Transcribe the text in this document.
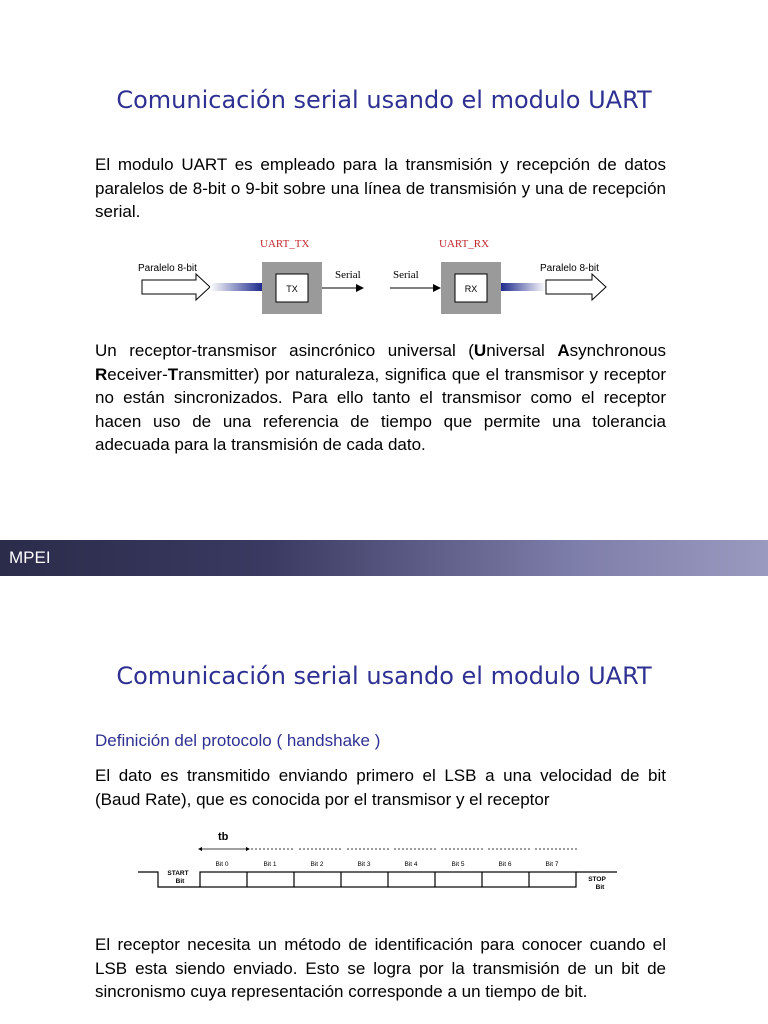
Comunicación serial usando el modulo UART
El modulo UART es empleado para la transmisión y recepción de datos paralelos de 8-bit o 9-bit sobre una línea de transmisión y una de recepción serial.
UART_TX	UART_RX
Paralelo 8-bit	Paralelo 8-bit
TX
Serial	Serial
RX
Un receptor-transmisor asincrónico universal (Universal Asynchronous Receiver-Transmitter) por naturaleza, significa que el transmisor y receptor no están sincronizados. Para ello tanto el transmisor como el receptor hacen uso de una referencia de tiempo que permite una tolerancia adecuada para la transmisión de cada dato.
MPEI
Comunicación serial usando el modulo UART
Definición del protocolo ( handshake )
El dato es transmitido enviando primero el LSB a una velocidad de bit (Baud Rate), que es conocida por el transmisor y el receptor
tb
Bit 0	Bit 1	Bit 2	Bit 3	Bit 4	Bit 5	Bit 6	Bit 7
START
Bit	STOP
Bit
El receptor necesita un método de identificación para conocer cuando el LSB esta siendo enviado. Esto se logra por la transmisión de un bit de sincronismo cuya representación corresponde a un tiempo de bit.
